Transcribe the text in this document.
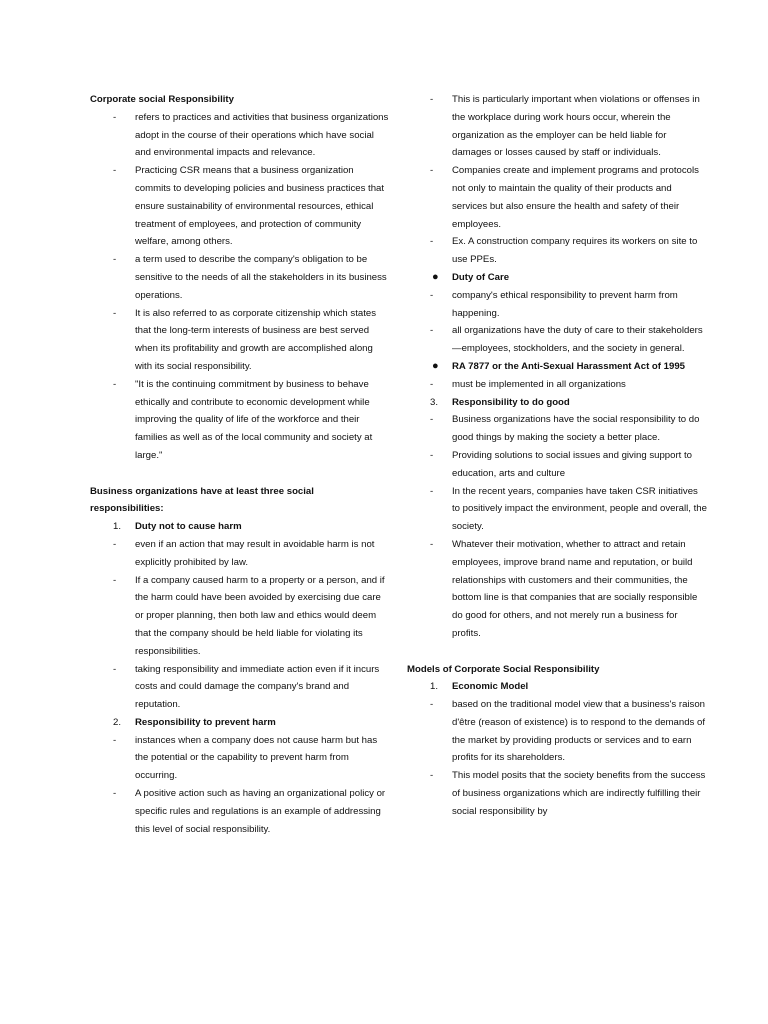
Corporate social Responsibility

-	refers to practices and activities that business organizations adopt in the course of their operations which have social and environmental impacts and relevance.
-	Practicing CSR means that a business organization commits to developing policies and business practices that ensure sustainability of environmental resources, ethical treatment of employees, and protection of community welfare, among others.
-	a term used to describe the company's obligation to be sensitive to the needs of all the stakeholders in its business operations.
-	It is also referred to as corporate citizenship which states that the long-term interests of business are best served when its profitability and growth are accomplished along with its social responsibility.
-	"It is the continuing commitment by business to behave ethically and contribute to economic development while improving the quality of life of the workforce and their families as well as of the local community and society at large."

Business organizations have at least three social responsibilities:

1.	Duty not to cause harm
-	even if an action that may result in avoidable harm is not explicitly prohibited by law.
-	If a company caused harm to a property or a person, and if the harm could have been avoided by exercising due care or proper planning, then both law and ethics would deem that the company should be held liable for violating its responsibilities.
-	taking responsibility and immediate action even if it incurs costs and could damage the company's brand and reputation.
2.	Responsibility to prevent harm
-	instances when a company does not cause harm but has the potential or the capability to prevent harm from occurring.
-	A positive action such as having an organizational policy or specific rules and regulations is an example of addressing this level of social responsibility.
-	This is particularly important when violations or offenses in the workplace during work hours occur, wherein the organization as the employer can be held liable for damages or losses caused by staff or individuals.
-	Companies create and implement programs and protocols not only to maintain the quality of their products and services but also ensure the health and safety of their employees.
-	Ex. A construction company requires its workers on site to use PPEs.
●	Duty of Care
-	company's ethical responsibility to prevent harm from happening.
-	all organizations have the duty of care to their stakeholders—employees, stockholders, and the society in general.
●	RA 7877 or the Anti-Sexual Harassment Act of 1995
-	must be implemented in all organizations
3.	Responsibility to do good
-	Business organizations have the social responsibility to do good things by making the society a better place.
-	Providing solutions to social issues and giving support to education, arts and culture
-	In the recent years, companies have taken CSR initiatives to positively impact the environment, people and overall, the society.
-	Whatever their motivation, whether to attract and retain employees, improve brand name and reputation, or build relationships with customers and their communities, the bottom line is that companies that are socially responsible do good for others, and not merely run a business for profits.

Models of Corporate Social Responsibility

1.	Economic Model
-	based on the traditional model view that a business's raison d'être (reason of existence) is to respond to the demands of the market by providing products or services and to earn profits for its shareholders.
-	This model posits that the society benefits from the success of business organizations which are indirectly fulfilling their social responsibility by
